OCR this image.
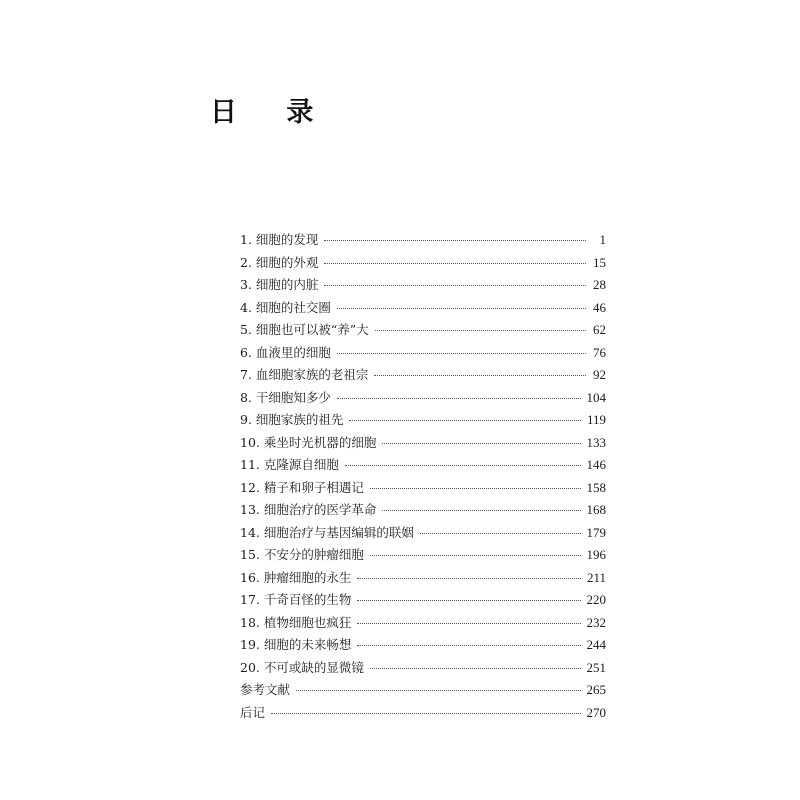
日 录
1. 细胞的发现	1
2. 细胞的外观	15
3. 细胞的内脏	28
4. 细胞的社交圈	46
5. 细胞也可以被“养”大	62
6. 血液里的细胞	76
7. 血细胞家族的老祖宗	92
8. 干细胞知多少	104
9. 细胞家族的祖先	119
10. 乘坐时光机器的细胞	133
11. 克隆源自细胞	146
12. 精子和卵子相遇记	158
13. 细胞治疗的医学革命	168
14. 细胞治疗与基因编辑的联姻	179
15. 不安分的肿瘤细胞	196
16. 肿瘤细胞的永生	211
17. 千奇百怪的生物	220
18. 植物细胞也疯狂	232
19. 细胞的未来畅想	244
20. 不可或缺的显微镜	251
参考文献	265
后记	270
